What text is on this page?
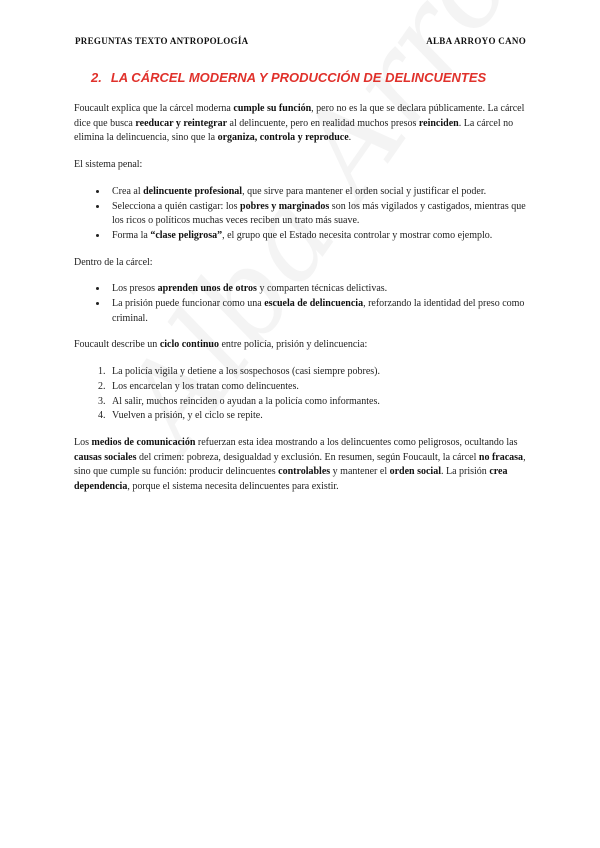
PREGUNTAS TEXTO ANTROPOLOGÍA	ALBA ARROYO CANO
2. LA CÁRCEL MODERNA Y PRODUCCIÓN DE DELINCUENTES

Foucault explica que la cárcel moderna cumple su función, pero no es la que se declara públicamente. La cárcel dice que busca reeducar y reintegrar al delincuente, pero en realidad muchos presos reinciden. La cárcel no elimina la delincuencia, sino que la organiza, controla y reproduce.

El sistema penal:

• Crea al delincuente profesional, que sirve para mantener el orden social y justificar el poder.
• Selecciona a quién castigar: los pobres y marginados son los más vigilados y castigados, mientras que los ricos o políticos muchas veces reciben un trato más suave.
• Forma la “clase peligrosa”, el grupo que el Estado necesita controlar y mostrar como ejemplo.

Dentro de la cárcel:

• Los presos aprenden unos de otros y comparten técnicas delictivas.
• La prisión puede funcionar como una escuela de delincuencia, reforzando la identidad del preso como criminal.

Foucault describe un ciclo continuo entre policía, prisión y delincuencia:

1. La policía vigila y detiene a los sospechosos (casi siempre pobres).
2. Los encarcelan y los tratan como delincuentes.
3. Al salir, muchos reinciden o ayudan a la policía como informantes.
4. Vuelven a prisión, y el ciclo se repite.

Los medios de comunicación refuerzan esta idea mostrando a los delincuentes como peligrosos, ocultando las causas sociales del crimen: pobreza, desigualdad y exclusión. En resumen, según Foucault, la cárcel no fracasa, sino que cumple su función: producir delincuentes controlables y mantener el orden social. La prisión crea dependencia, porque el sistema necesita delincuentes para existir.
